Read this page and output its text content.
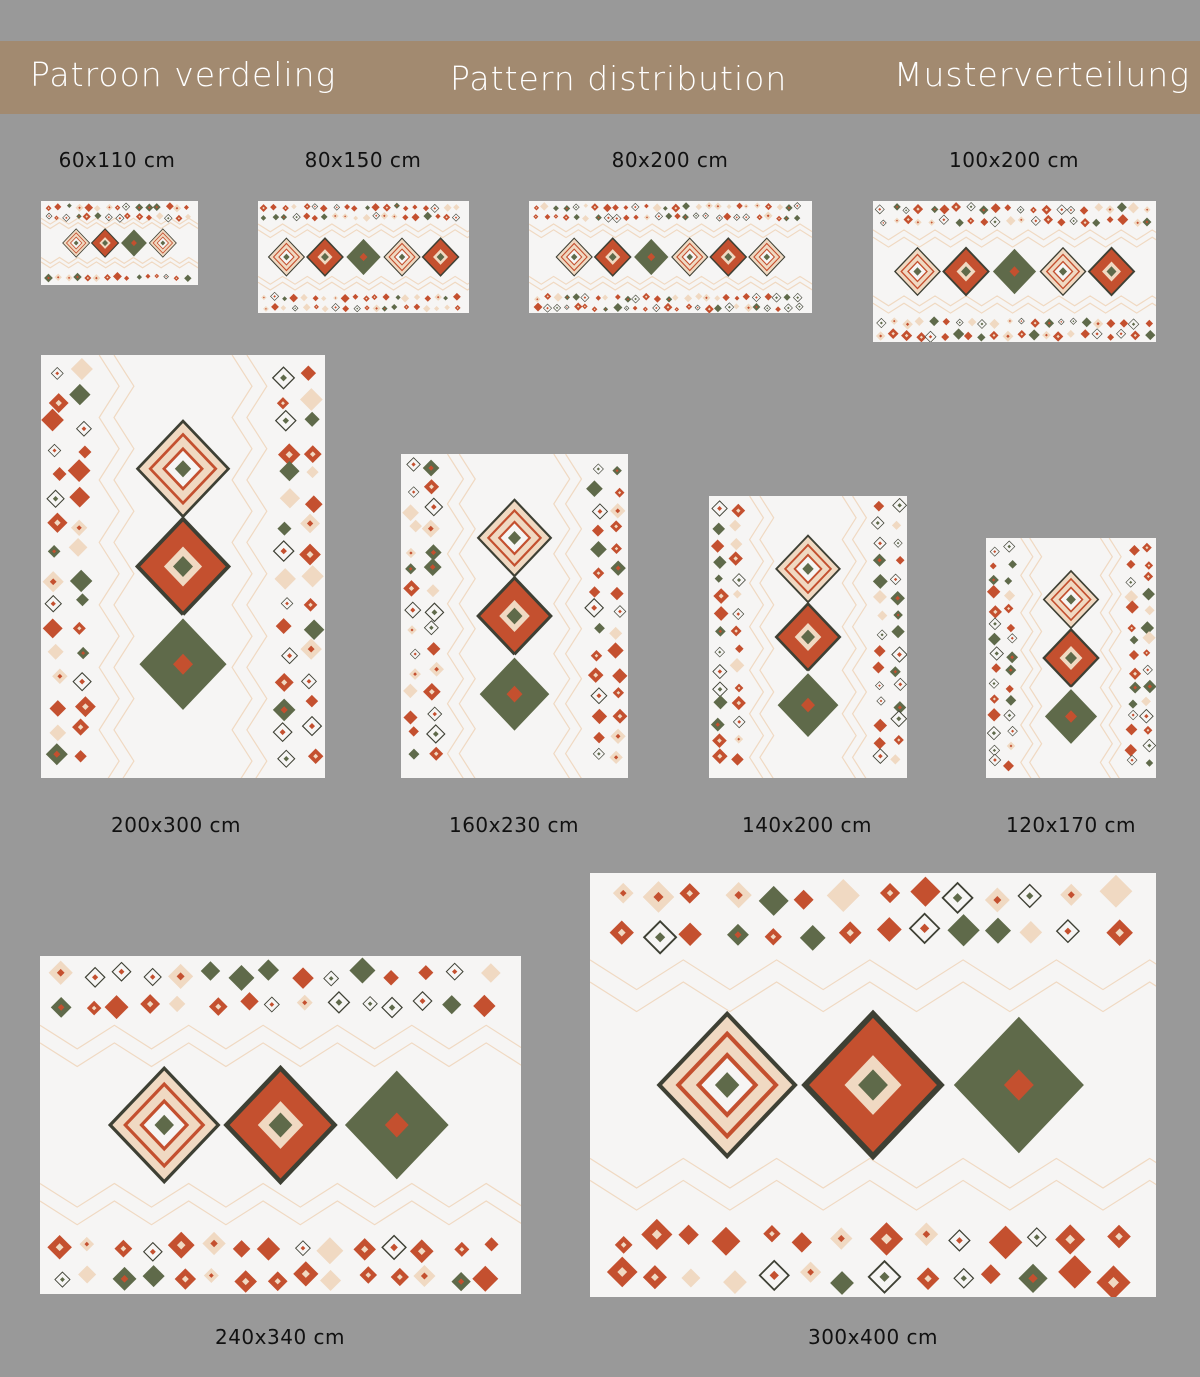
Patroon verdeling	Pattern distribution	Musterverteilung
60x110 cm	80x150 cm	80x200 cm	100x200 cm
200x300 cm	160x230 cm	140x200 cm	120x170 cm
240x340 cm	300x400 cm
